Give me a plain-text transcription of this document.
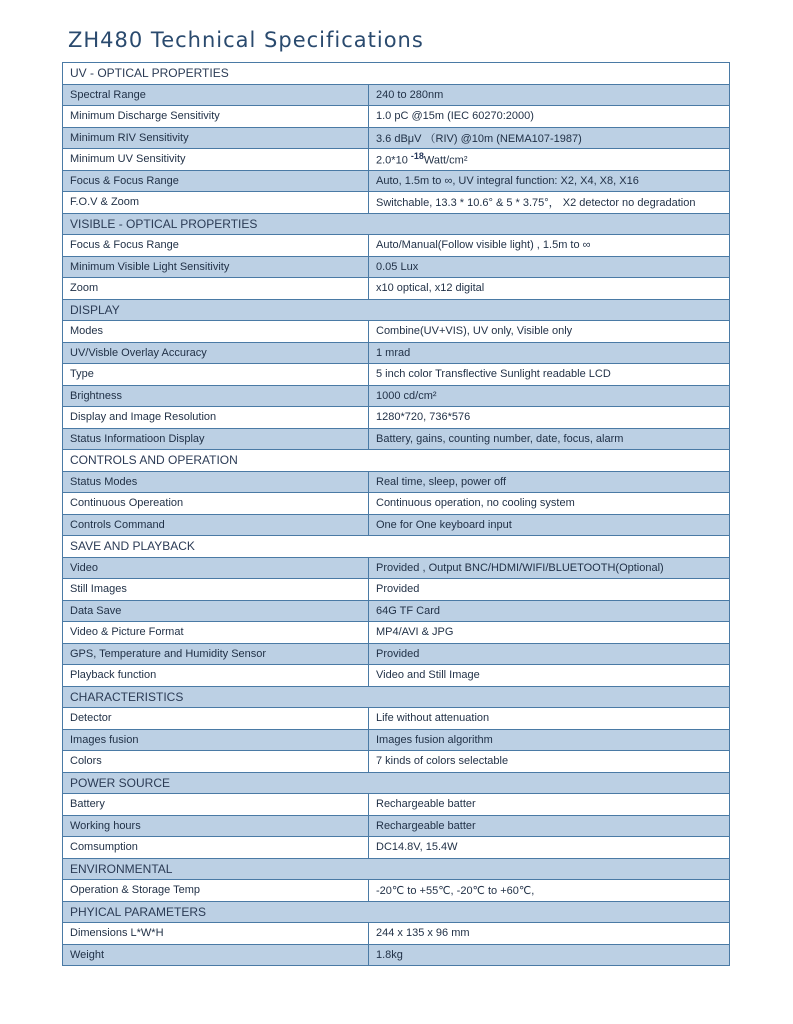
ZH480 Technical Specifications
UV - OPTICAL PROPERTIES	
Spectral Range	240 to 280nm
Minimum Discharge Sensitivity	1.0 pC @15m (IEC 60270:2000)
Minimum RIV Sensitivity	3.6 dBμV （RIV) @10m (NEMA107-1987)
Minimum UV Sensitivity	2.0*10 $^{-18}$Watt/cm²
Focus & Focus Range	Auto, 1.5m to ∞, UV integral function: X2, X4, X8, X16
F.O.V & Zoom	Switchable, 13.3 * 10.6° & 5 * 3.75°， X2 detector no degradation
VISIBLE - OPTICAL PROPERTIES	
Focus & Focus Range	Auto/Manual(Follow visible light) , 1.5m to ∞
Minimum Visible Light Sensitivity	0.05 Lux
Zoom	x10 optical, x12 digital
DISPLAY	
Modes	Combine(UV+VIS), UV only, Visible only
UV/Visble Overlay Accuracy	1 mrad
Type	5 inch color Transflective Sunlight readable LCD
Brightness	1000 cd/cm²
Display and Image Resolution	1280*720, 736*576
Status Informatioon Display	Battery, gains, counting number, date, focus, alarm
CONTROLS AND OPERATION	
Status Modes	Real time, sleep, power off
Continuous Opereation	Continuous operation, no cooling system
Controls Command	One for One keyboard input
SAVE AND PLAYBACK	
Video	Provided , Output BNC/HDMI/WIFI/BLUETOOTH(Optional)
Still Images	Provided
Data Save	64G TF Card
Video & Picture Format	MP4/AVI & JPG
GPS, Temperature and Humidity Sensor	Provided
Playback function	Video and Still Image
CHARACTERISTICS	
Detector	Life without attenuation
Images fusion	Images fusion algorithm
Colors	7 kinds of colors selectable
POWER SOURCE	
Battery	Rechargeable batter
Working hours	Rechargeable batter
Comsumption	DC14.8V, 15.4W
ENVIRONMENTAL	
Operation & Storage Temp	-20℃ to +55℃, -20℃ to +60℃,
PHYICAL PARAMETERS	
Dimensions L*W*H	244 x 135 x 96 mm
Weight	1.8kg
